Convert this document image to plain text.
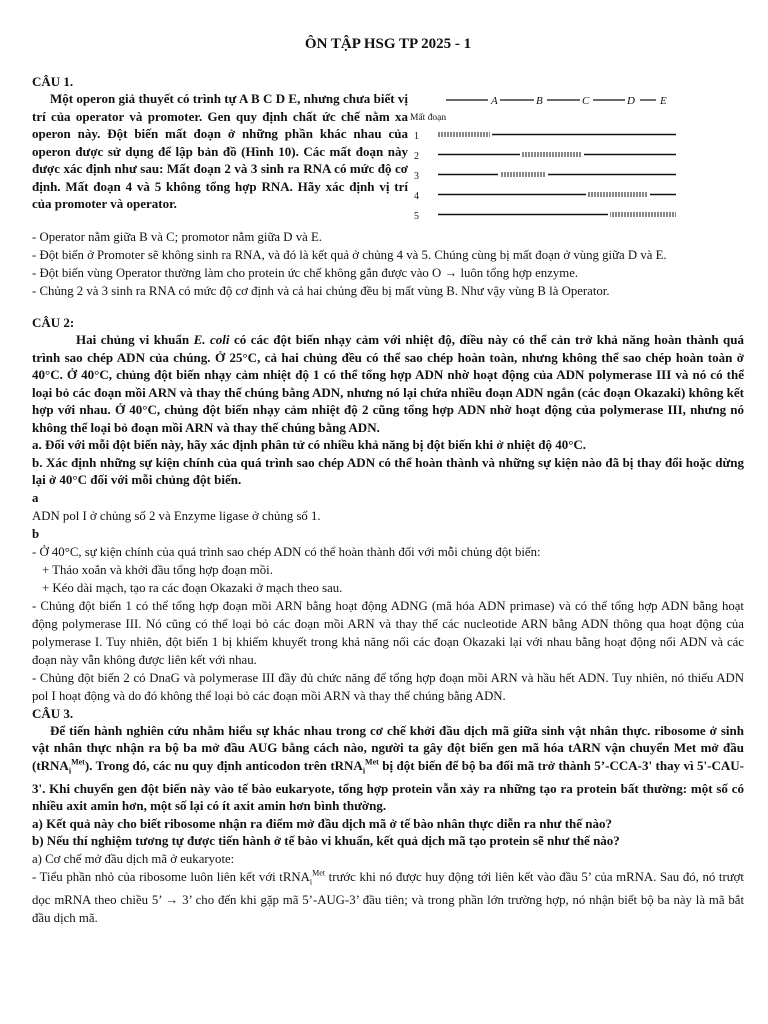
ÔN TẬP HSG TP 2025 - 1
CÂU 1.

Một operon giả thuyết có trình tự A B C D E, nhưng chưa biết vị trí của operator và promoter. Gen quy định chất ức chế nằm xa operon này. Đột biến mất đoạn ở những phần khác nhau của operon được sử dụng để lập bản đồ (Hình 10). Các mất đoạn này được xác định như sau: Mất đoạn 2 và 3 sinh ra RNA có mức độ cơ định. Mất đoạn 4 và 5 không tổng hợp RNA. Hãy xác định vị trí của promoter và operator.

A	B	C	D E
Mất đoạn
1
2
3
4
5

- Operator nằm giữa B và C; promotor nằm giữa D và E.

- Đột biến ở Promoter sẽ không sinh ra RNA, và đó là kết quả ở chủng 4 và 5. Chúng cùng bị mất đoạn ở vùng giữa D và E.

- Đột biến vùng Operator thường làm cho protein ức chế không gắn được vào O → luôn tổng hợp enzyme.

- Chủng 2 và 3 sinh ra RNA có mức độ cơ định và cả hai chủng đều bị mất vùng B. Như vậy vùng B là Operator.

CÂU 2:

Hai chủng vi khuẩn E. coli có các đột biến nhạy cảm với nhiệt độ, điều này có thể cản trở khả năng hoàn thành quá trình sao chép ADN của chúng. Ở 25°C, cả hai chủng đều có thể sao chép hoàn toàn, nhưng không thể sao chép hoàn toàn ở 40°C. Ở 40°C, chủng đột biến nhạy cảm nhiệt độ 1 có thể tổng hợp ADN nhờ hoạt động của ADN polymerase III và nó có thể loại bỏ các đoạn mồi ARN và thay thế chúng bằng ADN, nhưng nó lại chứa nhiều đoạn ADN ngắn (các đoạn Okazaki) không kết hợp với nhau. Ở 40°C, chủng đột biến nhạy cảm nhiệt độ 2 cũng tổng hợp ADN nhờ hoạt động của polymerase III, nhưng nó không thể loại bỏ đoạn mồi ARN và thay thế chúng bằng ADN.

a. Đối với mỗi đột biến này, hãy xác định phân tử có nhiều khả năng bị đột biến khi ở nhiệt độ 40°C.

b. Xác định những sự kiện chính của quá trình sao chép ADN có thể hoàn thành và những sự kiện nào đã bị thay đổi hoặc dừng lại ở 40°C đối với mỗi chủng đột biến.

a

ADN pol I ở chủng số 2 và Enzyme ligase ở chủng số 1.

b

- Ở 40°C, sự kiện chính của quá trình sao chép ADN có thể hoàn thành đối với mỗi chủng đột biến:

+ Tháo xoắn và khởi đầu tổng hợp đoạn mồi.

+ Kéo dài mạch, tạo ra các đoạn Okazaki ở mạch theo sau.

- Chủng đột biến 1 có thể tổng hợp đoạn mồi ARN bằng hoạt động ADNG (mã hóa ADN primase) và có thể tổng hợp ADN bằng hoạt động polymerase III. Nó cũng có thể loại bỏ các đoạn mồi ARN và thay thế các nucleotide ARN bằng ADN thông qua hoạt động của polymerase I. Tuy nhiên, đột biến 1 bị khiếm khuyết trong khả năng nối các đoạn Okazaki lại với nhau bằng hoạt động nối ADN và các đoạn này vẫn không được liên kết với nhau.

- Chủng đột biến 2 có DnaG và polymerase III đầy đủ chức năng để tổng hợp đoạn mồi ARN và hầu hết ADN. Tuy nhiên, nó thiếu ADN pol I hoạt động và do đó không thể loại bỏ các đoạn mồi ARN và thay thế chúng bằng ADN.

CÂU 3.

Để tiến hành nghiên cứu nhằm hiểu sự khác nhau trong cơ chế khởi đầu dịch mã giữa sinh vật nhân thực. ribosome ở sinh vật nhân thực nhận ra bộ ba mở đầu AUG bằng cách nào, người ta gây đột biến gen mã hóa tARN vận chuyển Met mở đầu (tRNA$_i^{Met}$). Trong đó, các nu quy định anticodon trên tRNA$_i^{Met}$ bị đột biến để bộ ba đối mã trở thành 5’-CCA-3' thay vì 5'-CAU-3'. Khi chuyển gen đột biến này vào tế bào eukaryote, tổng hợp protein vẫn xảy ra những tạo ra protein bất thường: một số có nhiều axit amin hơn, một số lại có ít axit amin hơn bình thường.

a) Kết quả này cho biết ribosome nhận ra điểm mở đầu dịch mã ở tế bào nhân thực diễn ra như thế nào?

b) Nếu thí nghiệm tương tự được tiến hành ở tế bào vi khuẩn, kết quả dịch mã tạo protein sẽ như thế nào?

a) Cơ chế mở đầu dịch mã ở eukaryote:

- Tiểu phần nhỏ của ribosome luôn liên kết với tRNA$_i^{Met}$ trước khi nó được huy động tới liên kết vào đầu 5’ của mRNA. Sau đó, nó trượt dọc mRNA theo chiều 5’ → 3’ cho đến khi gặp mã 5’-AUG-3’ đầu tiên; và trong phần lớn trường hợp, nó nhận biết bộ ba này là mã bắt đầu dịch mã.
